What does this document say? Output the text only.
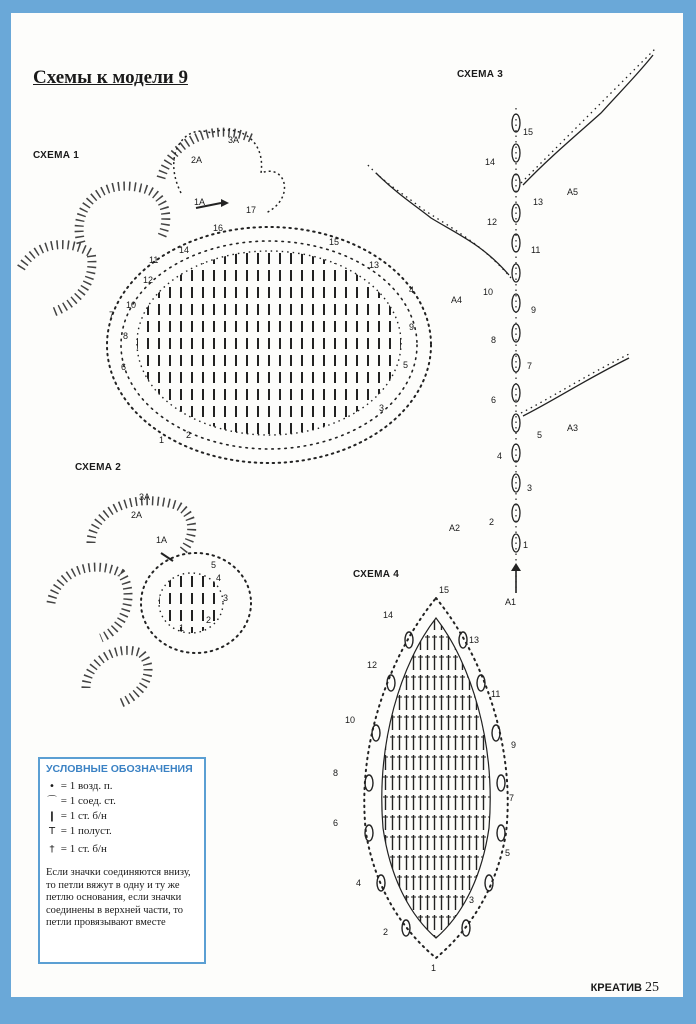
Схемы к модели 9
СХЕМА 1
СХЕМА 2
СХЕМА 3
СХЕМА 4
3A
2A
1A
1 2
3
5
6
8
9
10
12
13
14
15
16
17
4
7
11
3A
2A
1A
1
2
3
4
5
A1
A2
A3
A4
A5
1
2
3
4
5
6
7
8
9
10
11
12
13
14
15
2
3
4
5
6
7
8
9
10
11
12
13
14
15
1
УСЛОВНЫЕ ОБОЗНАЧЕНИЯ
• = 1 возд. п.
⌒ = 1 соед. ст.
❙ = 1 ст. б/н
T = 1 полуст.
† = 1 ст. б/н
Если значки соединяются внизу, то петли вяжут в одну и ту же петлю основания, если значки соединены в верхней части, то петли провязывают вместе
КРЕАТИВ 25
